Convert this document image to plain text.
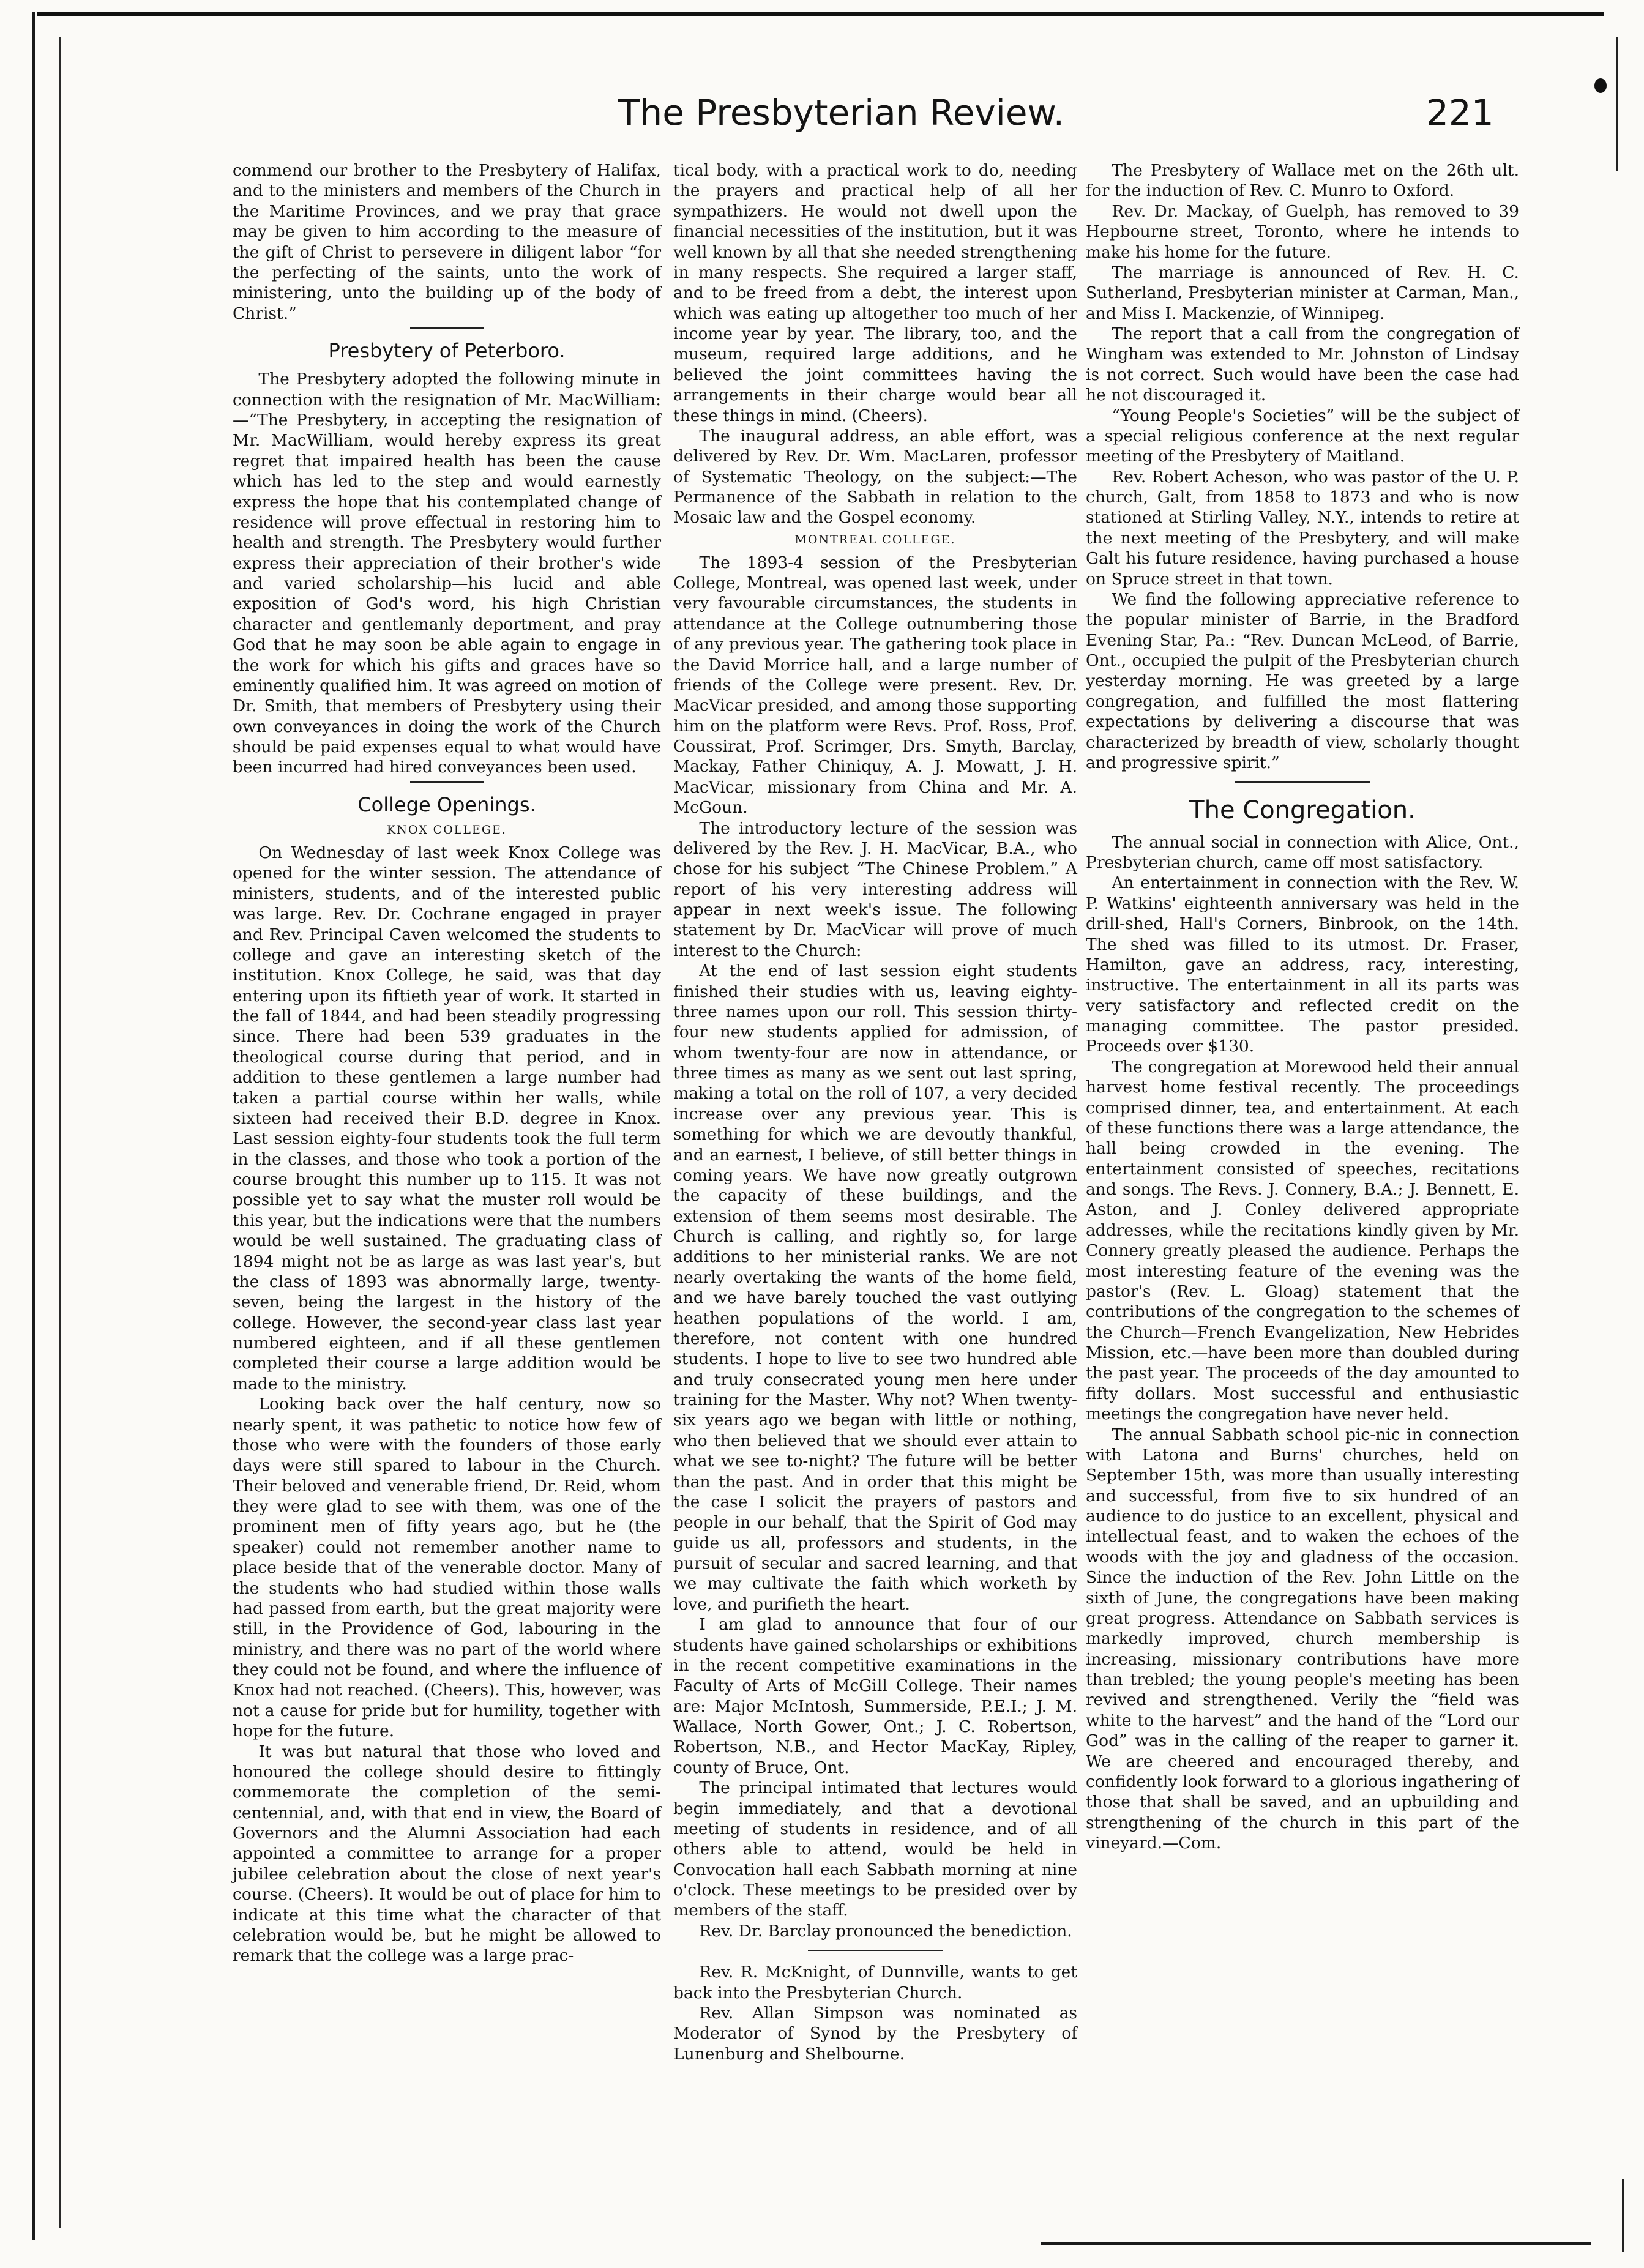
The Presbyterian Review.	221

commend our brother to the Presbytery of Halifax, and to the ministers and members of the Church in the Maritime Provinces, and we pray that grace may be given to him according to the measure of the gift of Christ to persevere in diligent labor “for the perfecting of the saints, unto the work of ministering, unto the building up of the body of Christ.”

Presbytery of Peterboro.

The Presbytery adopted the following minute in connection with the resignation of Mr. MacWilliam:—“The Presbytery, in accepting the resignation of Mr. MacWilliam, would hereby express its great regret that impaired health has been the cause which has led to the step and would earnestly express the hope that his contemplated change of residence will prove effectual in restoring him to health and strength. The Presbytery would further express their appreciation of their brother's wide and varied scholarship—his lucid and able exposition of God's word, his high Christian character and gentlemanly deportment, and pray God that he may soon be able again to engage in the work for which his gifts and graces have so eminently qualified him. It was agreed on motion of Dr. Smith, that members of Presbytery using their own conveyances in doing the work of the Church should be paid expenses equal to what would have been incurred had hired conveyances been used.

College Openings.
KNOX COLLEGE.

On Wednesday of last week Knox College was opened for the winter session. The attendance of ministers, students, and of the interested public was large. Rev. Dr. Cochrane engaged in prayer and Rev. Principal Caven welcomed the students to college and gave an interesting sketch of the institution. Knox College, he said, was that day entering upon its fiftieth year of work. It started in the fall of 1844, and had been steadily progressing since. There had been 539 graduates in the theological course during that period, and in addition to these gentlemen a large number had taken a partial course within her walls, while sixteen had received their B.D. degree in Knox. Last session eighty-four students took the full term in the classes, and those who took a portion of the course brought this number up to 115. It was not possible yet to say what the muster roll would be this year, but the indications were that the numbers would be well sustained. The graduating class of 1894 might not be as large as was last year's, but the class of 1893 was abnormally large, twenty-seven, being the largest in the history of the college. However, the second-year class last year numbered eighteen, and if all these gentlemen completed their course a large addition would be made to the ministry.

Looking back over the half century, now so nearly spent, it was pathetic to notice how few of those who were with the founders of those early days were still spared to labour in the Church. Their beloved and venerable friend, Dr. Reid, whom they were glad to see with them, was one of the prominent men of fifty years ago, but he (the speaker) could not remember another name to place beside that of the venerable doctor. Many of the students who had studied within those walls had passed from earth, but the great majority were still, in the Providence of God, labouring in the ministry, and there was no part of the world where they could not be found, and where the influence of Knox had not reached. (Cheers). This, however, was not a cause for pride but for humility, together with hope for the future.

It was but natural that those who loved and honoured the college should desire to fittingly commemorate the completion of the semi-centennial, and, with that end in view, the Board of Governors and the Alumni Association had each appointed a committee to arrange for a proper jubilee celebration about the close of next year's course. (Cheers). It would be out of place for him to indicate at this time what the character of that celebration would be, but he might be allowed to remark that the college was a large prac-

tical body, with a practical work to do, needing the prayers and practical help of all her sympathizers. He would not dwell upon the financial necessities of the institution, but it was well known by all that she needed strengthening in many respects. She required a larger staff, and to be freed from a debt, the interest upon which was eating up altogether too much of her income year by year. The library, too, and the museum, required large additions, and he believed the joint committees having the arrangements in their charge would bear all these things in mind. (Cheers).

The inaugural address, an able effort, was delivered by Rev. Dr. Wm. MacLaren, professor of Systematic Theology, on the subject:—The Permanence of the Sabbath in relation to the Mosaic law and the Gospel economy.

MONTREAL COLLEGE.

The 1893-4 session of the Presbyterian College, Montreal, was opened last week, under very favourable circumstances, the students in attendance at the College outnumbering those of any previous year. The gathering took place in the David Morrice hall, and a large number of friends of the College were present. Rev. Dr. MacVicar presided, and among those supporting him on the platform were Revs. Prof. Ross, Prof. Coussirat, Prof. Scrimger, Drs. Smyth, Barclay, Mackay, Father Chiniquy, A. J. Mowatt, J. H. MacVicar, missionary from China and Mr. A. McGoun.

The introductory lecture of the session was delivered by the Rev. J. H. MacVicar, B.A., who chose for his subject “The Chinese Problem.” A report of his very interesting address will appear in next week's issue. The following statement by Dr. MacVicar will prove of much interest to the Church:

At the end of last session eight students finished their studies with us, leaving eighty-three names upon our roll. This session thirty-four new students applied for admission, of whom twenty-four are now in attendance, or three times as many as we sent out last spring, making a total on the roll of 107, a very decided increase over any previous year. This is something for which we are devoutly thankful, and an earnest, I believe, of still better things in coming years. We have now greatly outgrown the capacity of these buildings, and the extension of them seems most desirable. The Church is calling, and rightly so, for large additions to her ministerial ranks. We are not nearly overtaking the wants of the home field, and we have barely touched the vast outlying heathen populations of the world. I am, therefore, not content with one hundred students. I hope to live to see two hundred able and truly consecrated young men here under training for the Master. Why not? When twenty-six years ago we began with little or nothing, who then believed that we should ever attain to what we see to-night? The future will be better than the past. And in order that this might be the case I solicit the prayers of pastors and people in our behalf, that the Spirit of God may guide us all, professors and students, in the pursuit of secular and sacred learning, and that we may cultivate the faith which worketh by love, and purifieth the heart.

I am glad to announce that four of our students have gained scholarships or exhibitions in the recent competitive examinations in the Faculty of Arts of McGill College. Their names are: Major McIntosh, Summerside, P.E.I.; J. M. Wallace, North Gower, Ont.; J. C. Robertson, Robertson, N.B., and Hector MacKay, Ripley, county of Bruce, Ont.

The principal intimated that lectures would begin immediately, and that a devotional meeting of students in residence, and of all others able to attend, would be held in Convocation hall each Sabbath morning at nine o'clock. These meetings to be presided over by members of the staff.

Rev. Dr. Barclay pronounced the benediction.

Rev. R. McKnight, of Dunnville, wants to get back into the Presbyterian Church.

Rev. Allan Simpson was nominated as Moderator of Synod by the Presbytery of Lunenburg and Shelbourne.

The Presbytery of Wallace met on the 26th ult. for the induction of Rev. C. Munro to Oxford.

Rev. Dr. Mackay, of Guelph, has removed to 39 Hepbourne street, Toronto, where he intends to make his home for the future.

The marriage is announced of Rev. H. C. Sutherland, Presbyterian minister at Carman, Man., and Miss I. Mackenzie, of Winnipeg.

The report that a call from the congregation of Wingham was extended to Mr. Johnston of Lindsay is not correct. Such would have been the case had he not discouraged it.

“Young People's Societies” will be the subject of a special religious conference at the next regular meeting of the Presbytery of Maitland.

Rev. Robert Acheson, who was pastor of the U. P. church, Galt, from 1858 to 1873 and who is now stationed at Stirling Valley, N.Y., intends to retire at the next meeting of the Presbytery, and will make Galt his future residence, having purchased a house on Spruce street in that town.

We find the following appreciative reference to the popular minister of Barrie, in the Bradford Evening Star, Pa.: “Rev. Duncan McLeod, of Barrie, Ont., occupied the pulpit of the Presbyterian church yesterday morning. He was greeted by a large congregation, and fulfilled the most flattering expectations by delivering a discourse that was characterized by breadth of view, scholarly thought and progressive spirit.”

The Congregation.

The annual social in connection with Alice, Ont., Presbyterian church, came off most satisfactory.

An entertainment in connection with the Rev. W. P. Watkins' eighteenth anniversary was held in the drill-shed, Hall's Corners, Binbrook, on the 14th. The shed was filled to its utmost. Dr. Fraser, Hamilton, gave an address, racy, interesting, instructive. The entertainment in all its parts was very satisfactory and reflected credit on the managing committee. The pastor presided. Proceeds over $130.

The congregation at Morewood held their annual harvest home festival recently. The proceedings comprised dinner, tea, and entertainment. At each of these functions there was a large attendance, the hall being crowded in the evening. The entertainment consisted of speeches, recitations and songs. The Revs. J. Connery, B.A.; J. Bennett, E. Aston, and J. Conley delivered appropriate addresses, while the recitations kindly given by Mr. Connery greatly pleased the audience. Perhaps the most interesting feature of the evening was the pastor's (Rev. L. Gloag) statement that the contributions of the congregation to the schemes of the Church—French Evangelization, New Hebrides Mission, etc.—have been more than doubled during the past year. The proceeds of the day amounted to fifty dollars. Most successful and enthusiastic meetings the congregation have never held.

The annual Sabbath school pic-nic in connection with Latona and Burns' churches, held on September 15th, was more than usually interesting and successful, from five to six hundred of an audience to do justice to an excellent, physical and intellectual feast, and to waken the echoes of the woods with the joy and gladness of the occasion. Since the induction of the Rev. John Little on the sixth of June, the congregations have been making great progress. Attendance on Sabbath services is markedly improved, church membership is increasing, missionary contributions have more than trebled; the young people's meeting has been revived and strengthened. Verily the “field was white to the harvest” and the hand of the “Lord our God” was in the calling of the reaper to garner it. We are cheered and encouraged thereby, and confidently look forward to a glorious ingathering of those that shall be saved, and an upbuilding and strengthening of the church in this part of the vineyard.—Com.
